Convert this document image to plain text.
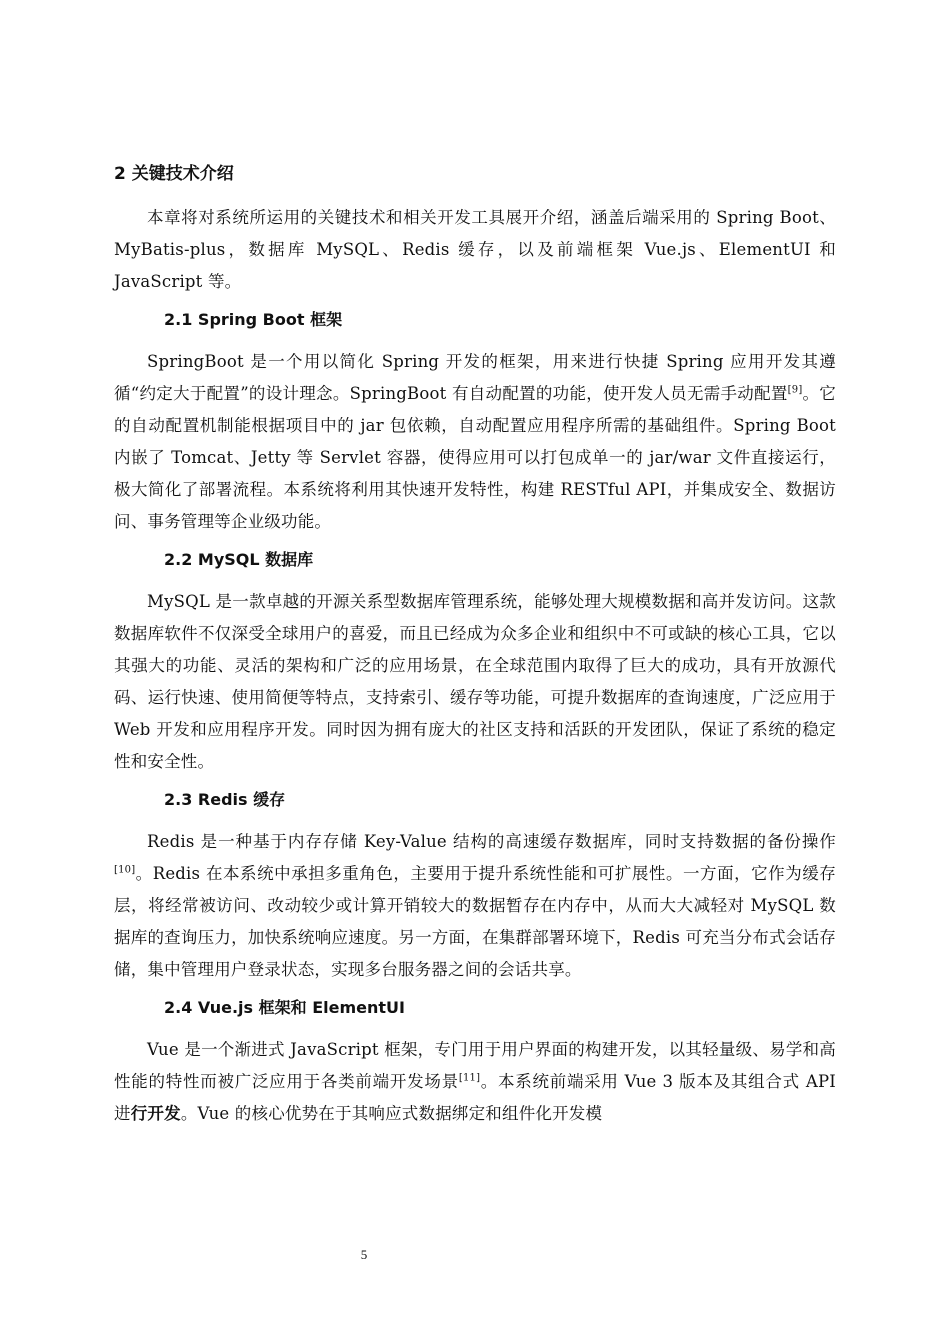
2 关键技术介绍

本章将对系统所运用的关键技术和相关开发工具展开介绍，涵盖后端采用的 Spring Boot、MyBatis-plus，数据库 MySQL、Redis 缓存，以及前端框架 Vue.js、ElementUI 和 JavaScript 等。

2.1 Spring Boot 框架

SpringBoot 是一个用以简化 Spring 开发的框架，用来进行快捷 Spring 应用开发其遵循“约定大于配置”的设计理念。SpringBoot 有自动配置的功能，使开发人员无需手动配置[9]。它的自动配置机制能根据项目中的 jar 包依赖，自动配置应用程序所需的基础组件。Spring Boot 内嵌了 Tomcat、Jetty 等 Servlet 容器，使得应用可以打包成单一的 jar/war 文件直接运行，极大简化了部署流程。本系统将利用其快速开发特性，构建 RESTful API，并集成安全、数据访问、事务管理等企业级功能。

2.2 MySQL 数据库

MySQL 是一款卓越的开源关系型数据库管理系统，能够处理大规模数据和高并发访问。这款数据库软件不仅深受全球用户的喜爱，而且已经成为众多企业和组织中不可或缺的核心工具，它以其强大的功能、灵活的架构和广泛的应用场景，在全球范围内取得了巨大的成功，具有开放源代码、运行快速、使用简便等特点，支持索引、缓存等功能，可提升数据库的查询速度，广泛应用于 Web 开发和应用程序开发。同时因为拥有庞大的社区支持和活跃的开发团队，保证了系统的稳定性和安全性。

2.3 Redis 缓存

Redis 是一种基于内存存储 Key-Value 结构的高速缓存数据库，同时支持数据的备份操作[10]。Redis 在本系统中承担多重角色，主要用于提升系统性能和可扩展性。一方面，它作为缓存层，将经常被访问、改动较少或计算开销较大的数据暂存在内存中，从而大大减轻对 MySQL 数据库的查询压力，加快系统响应速度。另一方面，在集群部署环境下，Redis 可充当分布式会话存储，集中管理用户登录状态，实现多台服务器之间的会话共享。

2.4 Vue.js 框架和 ElementUI

Vue 是一个渐进式 JavaScript 框架，专门用于用户界面的构建开发，以其轻量级、易学和高性能的特性而被广泛应用于各类前端开发场景[11]。本系统前端采用 Vue 3 版本及其组合式 API 进行开发。Vue 的核心优势在于其响应式数据绑定和组件化开发模

5
